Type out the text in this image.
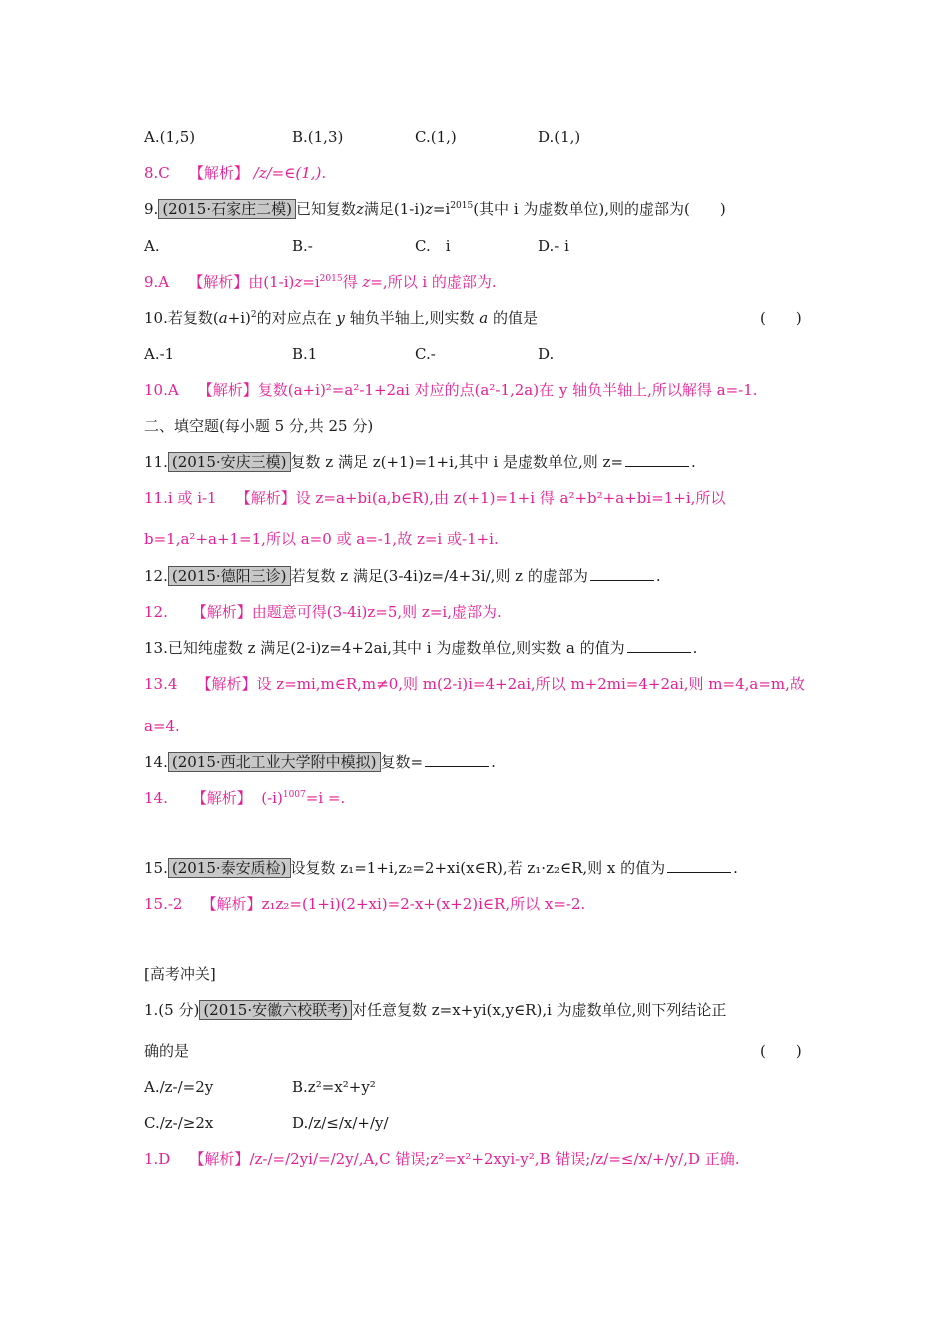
A.(1,5)	B.(1,3)	C.(1,)	D.(1,)
8.C 【解析】 /z/=∈(1,).
9. (2015·石家庄二模) 已知复数z满足$(1-i)z=i^{2015}$(其中 i 为虚数单位),则的虚部为(　　)
A.	B.-	C.　i	D.- i
9.A 【解析】由$(1-i)z=i^{2015}$得 z=,所以 i 的虚部为.
10.若复数$(a+i)^2$的对应点在 y 轴负半轴上,则实数 a 的值是	(　　)
A.-1	B.1	C.-	D.
10.A 【解析】复数(a+i)²=a²-1+2ai 对应的点(a²-1,2a)在 y 轴负半轴上,所以解得 a=-1.
二、填空题(每小题 5 分,共 25 分)
11. (2015·安庆三模) 复数 z 满足 z(+1)=1+i,其中 i 是虚数单位,则 z=	.
11.i 或 i-1 【解析】设 z=a+bi(a,b∈R),由 z(+1)=1+i 得 a²+b²+a+bi=1+i,所以
b=1,a²+a+1=1,所以 a=0 或 a=-1,故 z=i 或-1+i.
12. (2015·德阳三诊) 若复数 z 满足(3-4i)z=/4+3i/,则 z 的虚部为	.
12. 【解析】由题意可得(3-4i)z=5,则 z=i,虚部为.
13.已知纯虚数 z 满足(2-i)z=4+2ai,其中 i 为虚数单位,则实数 a 的值为	.
13.4 【解析】设 z=mi,m∈R,m≠0,则 m(2-i)i=4+2ai,所以 m+2mi=4+2ai,则 m=4,a=m,故
a=4.
14. (2015·西北工业大学附中模拟) 复数=	.
14. 【解析】 $(-i)^{1007}=i$ =.
15. (2015·泰安质检) 设复数 z₁=1+i,z₂=2+xi(x∈R),若 z₁·z₂∈R,则 x 的值为	.
15.-2 【解析】z₁z₂=(1+i)(2+xi)=2-x+(x+2)i∈R,所以 x=-2.
[高考冲关]
1.(5 分) (2015·安徽六校联考) 对任意复数 z=x+yi(x,y∈R),i 为虚数单位,则下列结论正
确的是	(　　)
A./z-/=2y	B.z²=x²+y²
C./z-/≥2x	D./z/≤/x/+/y/
1.D 【解析】/z-/=/2yi/=/2y/,A,C 错误;z²=x²+2xyi-y²,B 错误;/z/=≤/x/+/y/,D 正确.
